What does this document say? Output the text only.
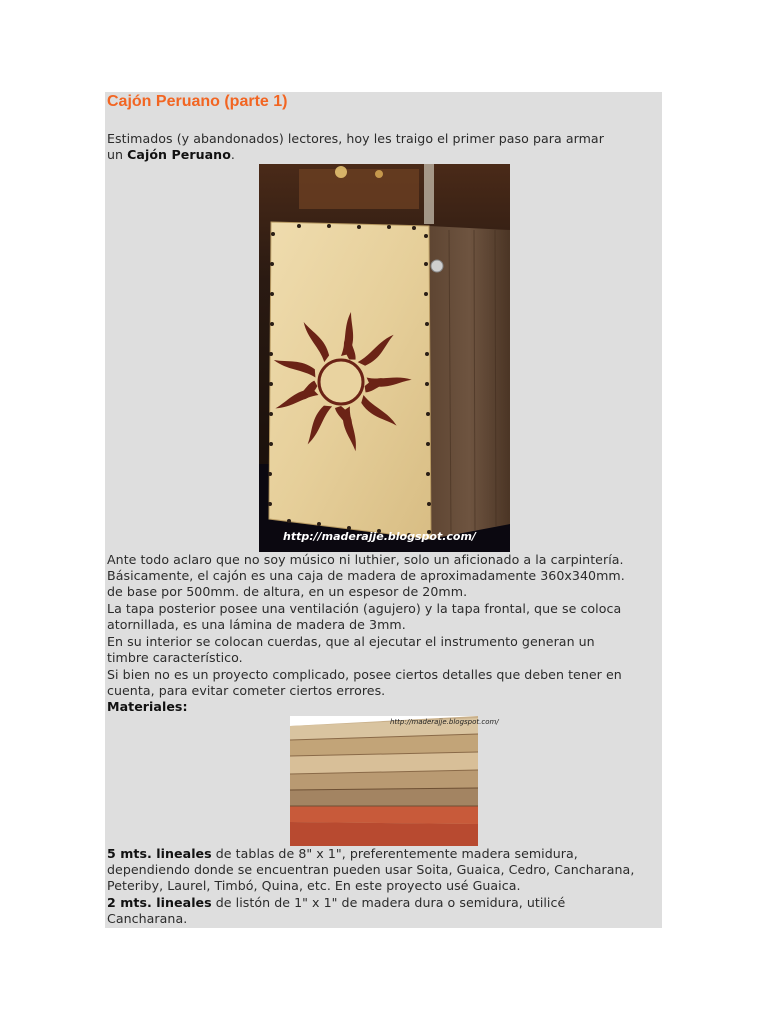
Cajón Peruano (parte 1)

Estimados (y abandonados) lectores, hoy les traigo el primer paso para armar

un Cajón Peruano.

http://maderajje.blogspot.com/

Ante todo aclaro que no soy músico ni luthier, solo un aficionado a la carpintería.

Básicamente, el cajón es una caja de madera de aproximadamente 360x340mm.

de base por 500mm. de altura, en un espesor de 20mm.

La tapa posterior posee una ventilación (agujero) y la tapa frontal, que se coloca

atornillada, es una lámina de madera de 3mm.

En su interior se colocan cuerdas, que al ejecutar el instrumento generan un

timbre característico.

Si bien no es un proyecto complicado, posee ciertos detalles que deben tener en

cuenta, para evitar cometer ciertos errores.

Materiales:

http://maderajje.blogspot.com/

5 mts. lineales de tablas de 8" x 1", preferentemente madera semidura,

dependiendo donde se encuentran pueden usar Soita, Guaica, Cedro, Cancharana,

Peteriby, Laurel, Timbó, Quina, etc. En este proyecto usé Guaica.

2 mts. lineales de listón de 1" x 1" de madera dura o semidura, utilicé

Cancharana.
